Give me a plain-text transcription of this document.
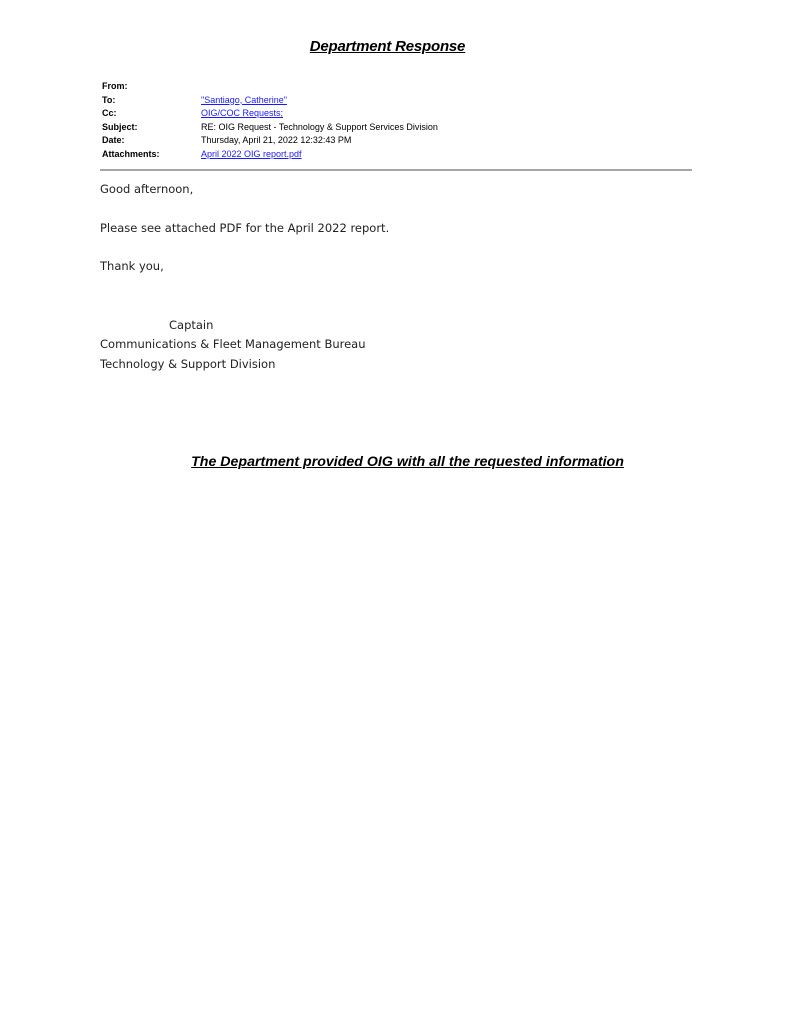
Department Response
From:
To:	"Santiago, Catherine"
Cc:	OIG/COC Requests;
Subject:	RE: OIG Request - Technology & Support Services Division
Date:	Thursday, April 21, 2022 12:32:43 PM
Attachments:	April 2022 OIG report.pdf
Good afternoon,
Please see attached PDF for the April 2022 report.
Thank you,
Captain
Communications & Fleet Management Bureau
Technology & Support Division
The Department provided OIG with all the requested information
